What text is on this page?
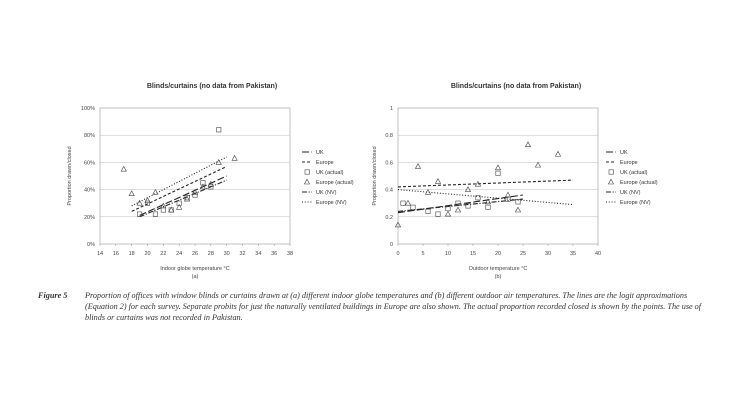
Blinds/curtains (no data from Pakistan)
14 16 18 20 22 24 26 28 30 32 34 36 38
0%
20%
40%
60%
80%
100%
Indoor globe temperature °C
(a)
Proportion drawn/closed	UK
Europe
UK (actual)
Europe (actual)
UK (NV)
Europe (NV)
Blinds/curtains (no data from Pakistan)
0	5	10	15	20	25	30	35	40
0
0.2
0.4
0.6
0.8
1
Outdoor temperature °C
(b)
Proportion drawn/closed	UK
Europe
UK (actual)
Europe (actual)
UK (NV)
Europe (NV)
Figure 5	Proportion of offices with window blinds or curtains drawn at (a) different indoor globe temperatures and (b) different outdoor air temperatures. The lines are the logit approximations (Equation 2) for each survey. Separate probits for just the naturally ventilated buildings in Europe are also shown. The actual proportion recorded closed is shown by the points. The use of blinds or curtains was not recorded in Pakistan.
